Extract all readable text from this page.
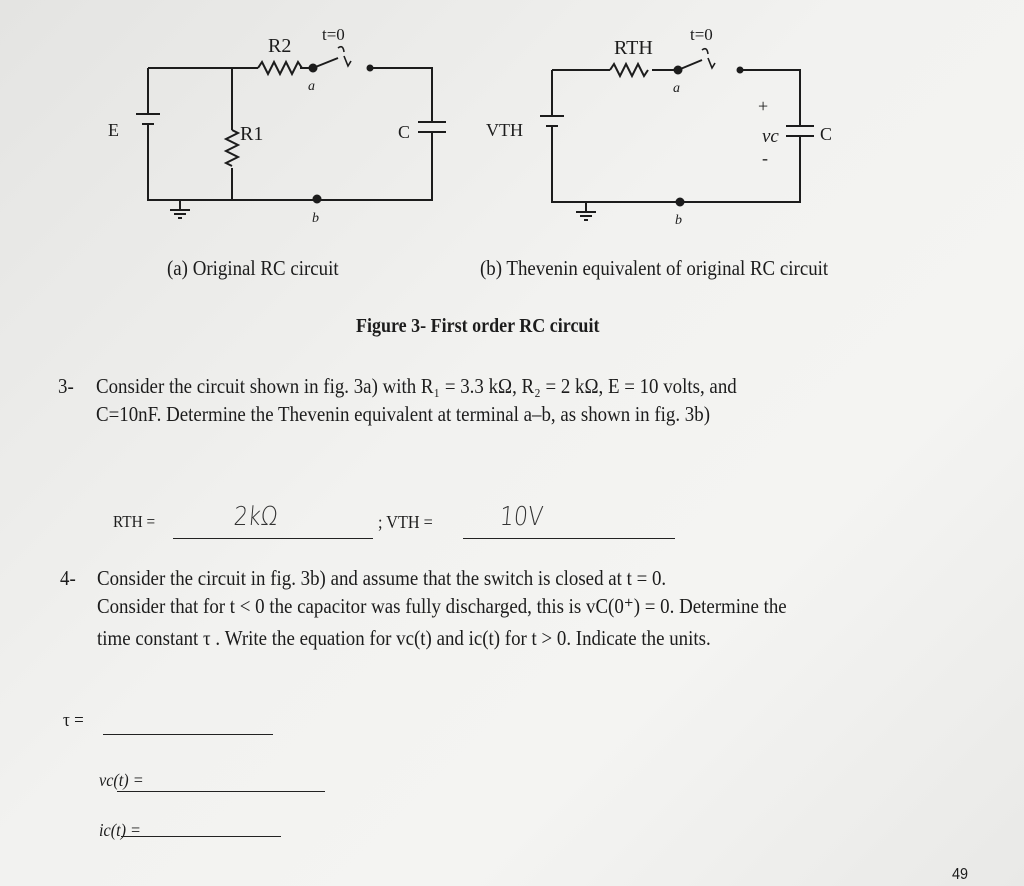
R2
t=0
R1
E	C
a
b
RTH
t=0
VTH
+
vc
-
C
a
b
(a) Original RC circuit	(b) Thevenin equivalent of original RC circuit
Figure 3- First order RC circuit
3- Consider the circuit shown in fig. 3a) with R₁ = 3.3 kΩ, R₂ = 2 kΩ, E = 10 volts, and
C=10nF. Determine the Thevenin equivalent at terminal a–b, as shown in fig. 3b)
RTH =	2kΩ	; VTH =	10V
4- Consider the circuit in fig. 3b) and assume that the switch is closed at t = 0.
Consider that for t < 0 the capacitor was fully discharged, this is vC(0⁺) = 0. Determine the
time constant τ . Write the equation for vc(t) and ic(t) for t > 0. Indicate the units.
τ =
vc(t) =
ic(t) =
49
